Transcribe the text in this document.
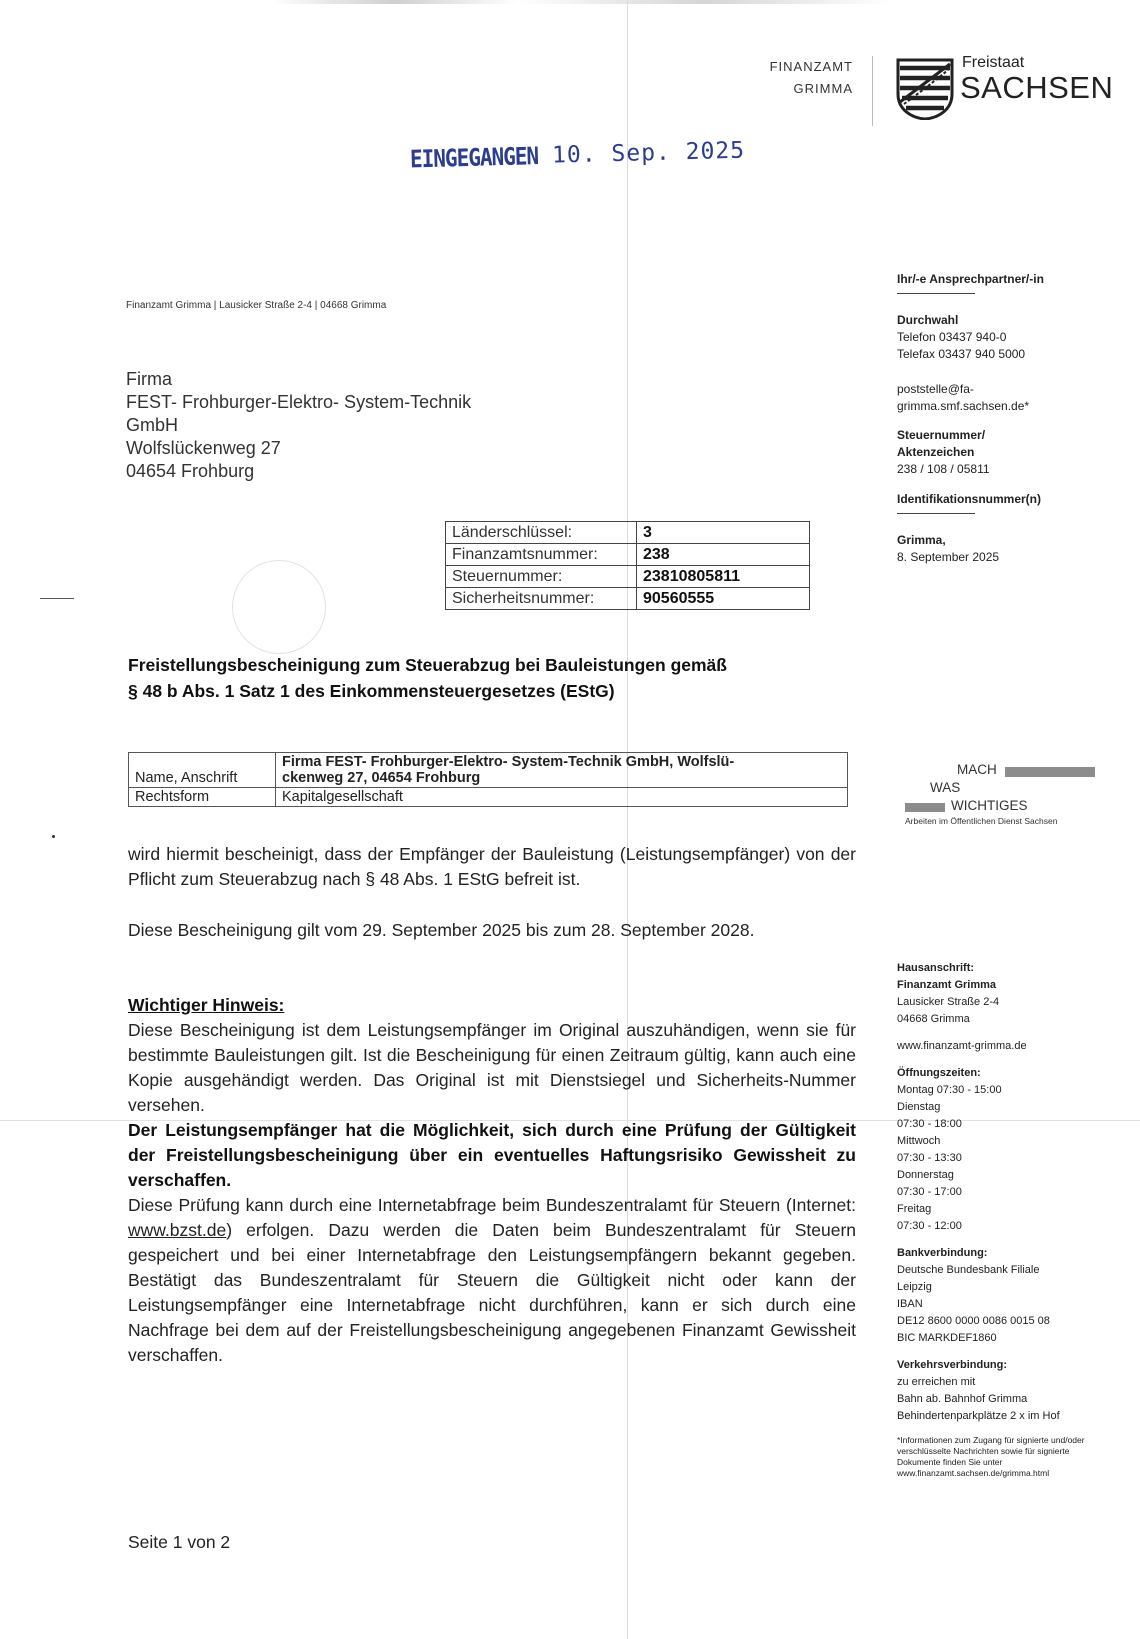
FINANZAMT
GRIMMA
Freistaat
SACHSEN
EINGEGANGEN 10. Sep. 2025
Finanzamt Grimma | Lausicker Straße 2-4 | 04668 Grimma
Firma
FEST- Frohburger-Elektro- System-Technik
GmbH
Wolfslückenweg 27
04654 Frohburg
Länderschlüssel:	3
Finanzamtsnummer:	238
Steuernummer:	23810805811
Sicherheitsnummer:	90560555
Ihr/-e Ansprechpartner/-in
Durchwahl
Telefon 03437 940-0
Telefax 03437 940 5000
poststelle@fa-
grimma.smf.sachsen.de*
Steuernummer/
Aktenzeichen
238 / 108 / 05811
Identifikationsnummer(n)
Grimma,
8. September 2025
Freistellungsbescheinigung zum Steuerabzug bei Bauleistungen gemäß
§ 48 b Abs. 1 Satz 1 des Einkommensteuergesetzes (EStG)
Name, Anschrift	Firma FEST- Frohburger-Elektro- System-Technik GmbH, Wolfslü-
ckenweg 27, 04654 Frohburg

Rechtsform	Kapitalgesellschaft
MACH
WAS
WICHTIGES
Arbeiten im Öffentlichen Dienst Sachsen

wird hiermit bescheinigt, dass der Empfänger der Bauleistung (Leistungsempfänger) von der Pflicht zum Steuerabzug nach § 48 Abs. 1 EStG befreit ist.

Diese Bescheinigung gilt vom 29. September 2025 bis zum 28. September 2028.

Wichtiger Hinweis:

Diese Bescheinigung ist dem Leistungsempfänger im Original auszuhändigen, wenn sie für bestimmte Bauleistungen gilt. Ist die Bescheinigung für einen Zeitraum gültig, kann auch eine Kopie ausgehändigt werden. Das Original ist mit Dienstsiegel und Sicherheits-Nummer versehen.

Der Leistungsempfänger hat die Möglichkeit, sich durch eine Prüfung der Gültigkeit der Freistellungsbescheinigung über ein eventuelles Haftungsrisiko Gewissheit zu verschaffen.

Diese Prüfung kann durch eine Internetabfrage beim Bundeszentralamt für Steuern (Internet: www.bzst.de) erfolgen. Dazu werden die Daten beim Bundeszentralamt für Steuern gespeichert und bei einer Internetabfrage den Leistungsempfängern bekannt gegeben. Bestätigt das Bundeszentralamt für Steuern die Gültigkeit nicht oder kann der Leistungsempfänger eine Internetabfrage nicht durchführen, kann er sich durch eine Nachfrage bei dem auf der Freistellungsbescheinigung angegebenen Finanzamt Gewissheit verschaffen.

Hausanschrift:
Finanzamt Grimma
Lausicker Straße 2-4
04668 Grimma
www.finanzamt-grimma.de
Öffnungszeiten:
Montag 07:30 - 15:00
Dienstag
07:30 - 18:00
Mittwoch
07:30 - 13:30
Donnerstag
07:30 - 17:00
Freitag
07:30 - 12:00
Bankverbindung:
Deutsche Bundesbank Filiale
Leipzig
IBAN
DE12 8600 0000 0086 0015 08
BIC MARKDEF1860
Verkehrsverbindung:
zu erreichen mit
Bahn ab. Bahnhof Grimma
Behindertenparkplätze 2 x im Hof
*Informationen zum Zugang für signierte und/oder verschlüsselte Nachrichten sowie für signierte Dokumente finden Sie unter www.finanzamt.sachsen.de/grimma.html
Seite 1 von 2
